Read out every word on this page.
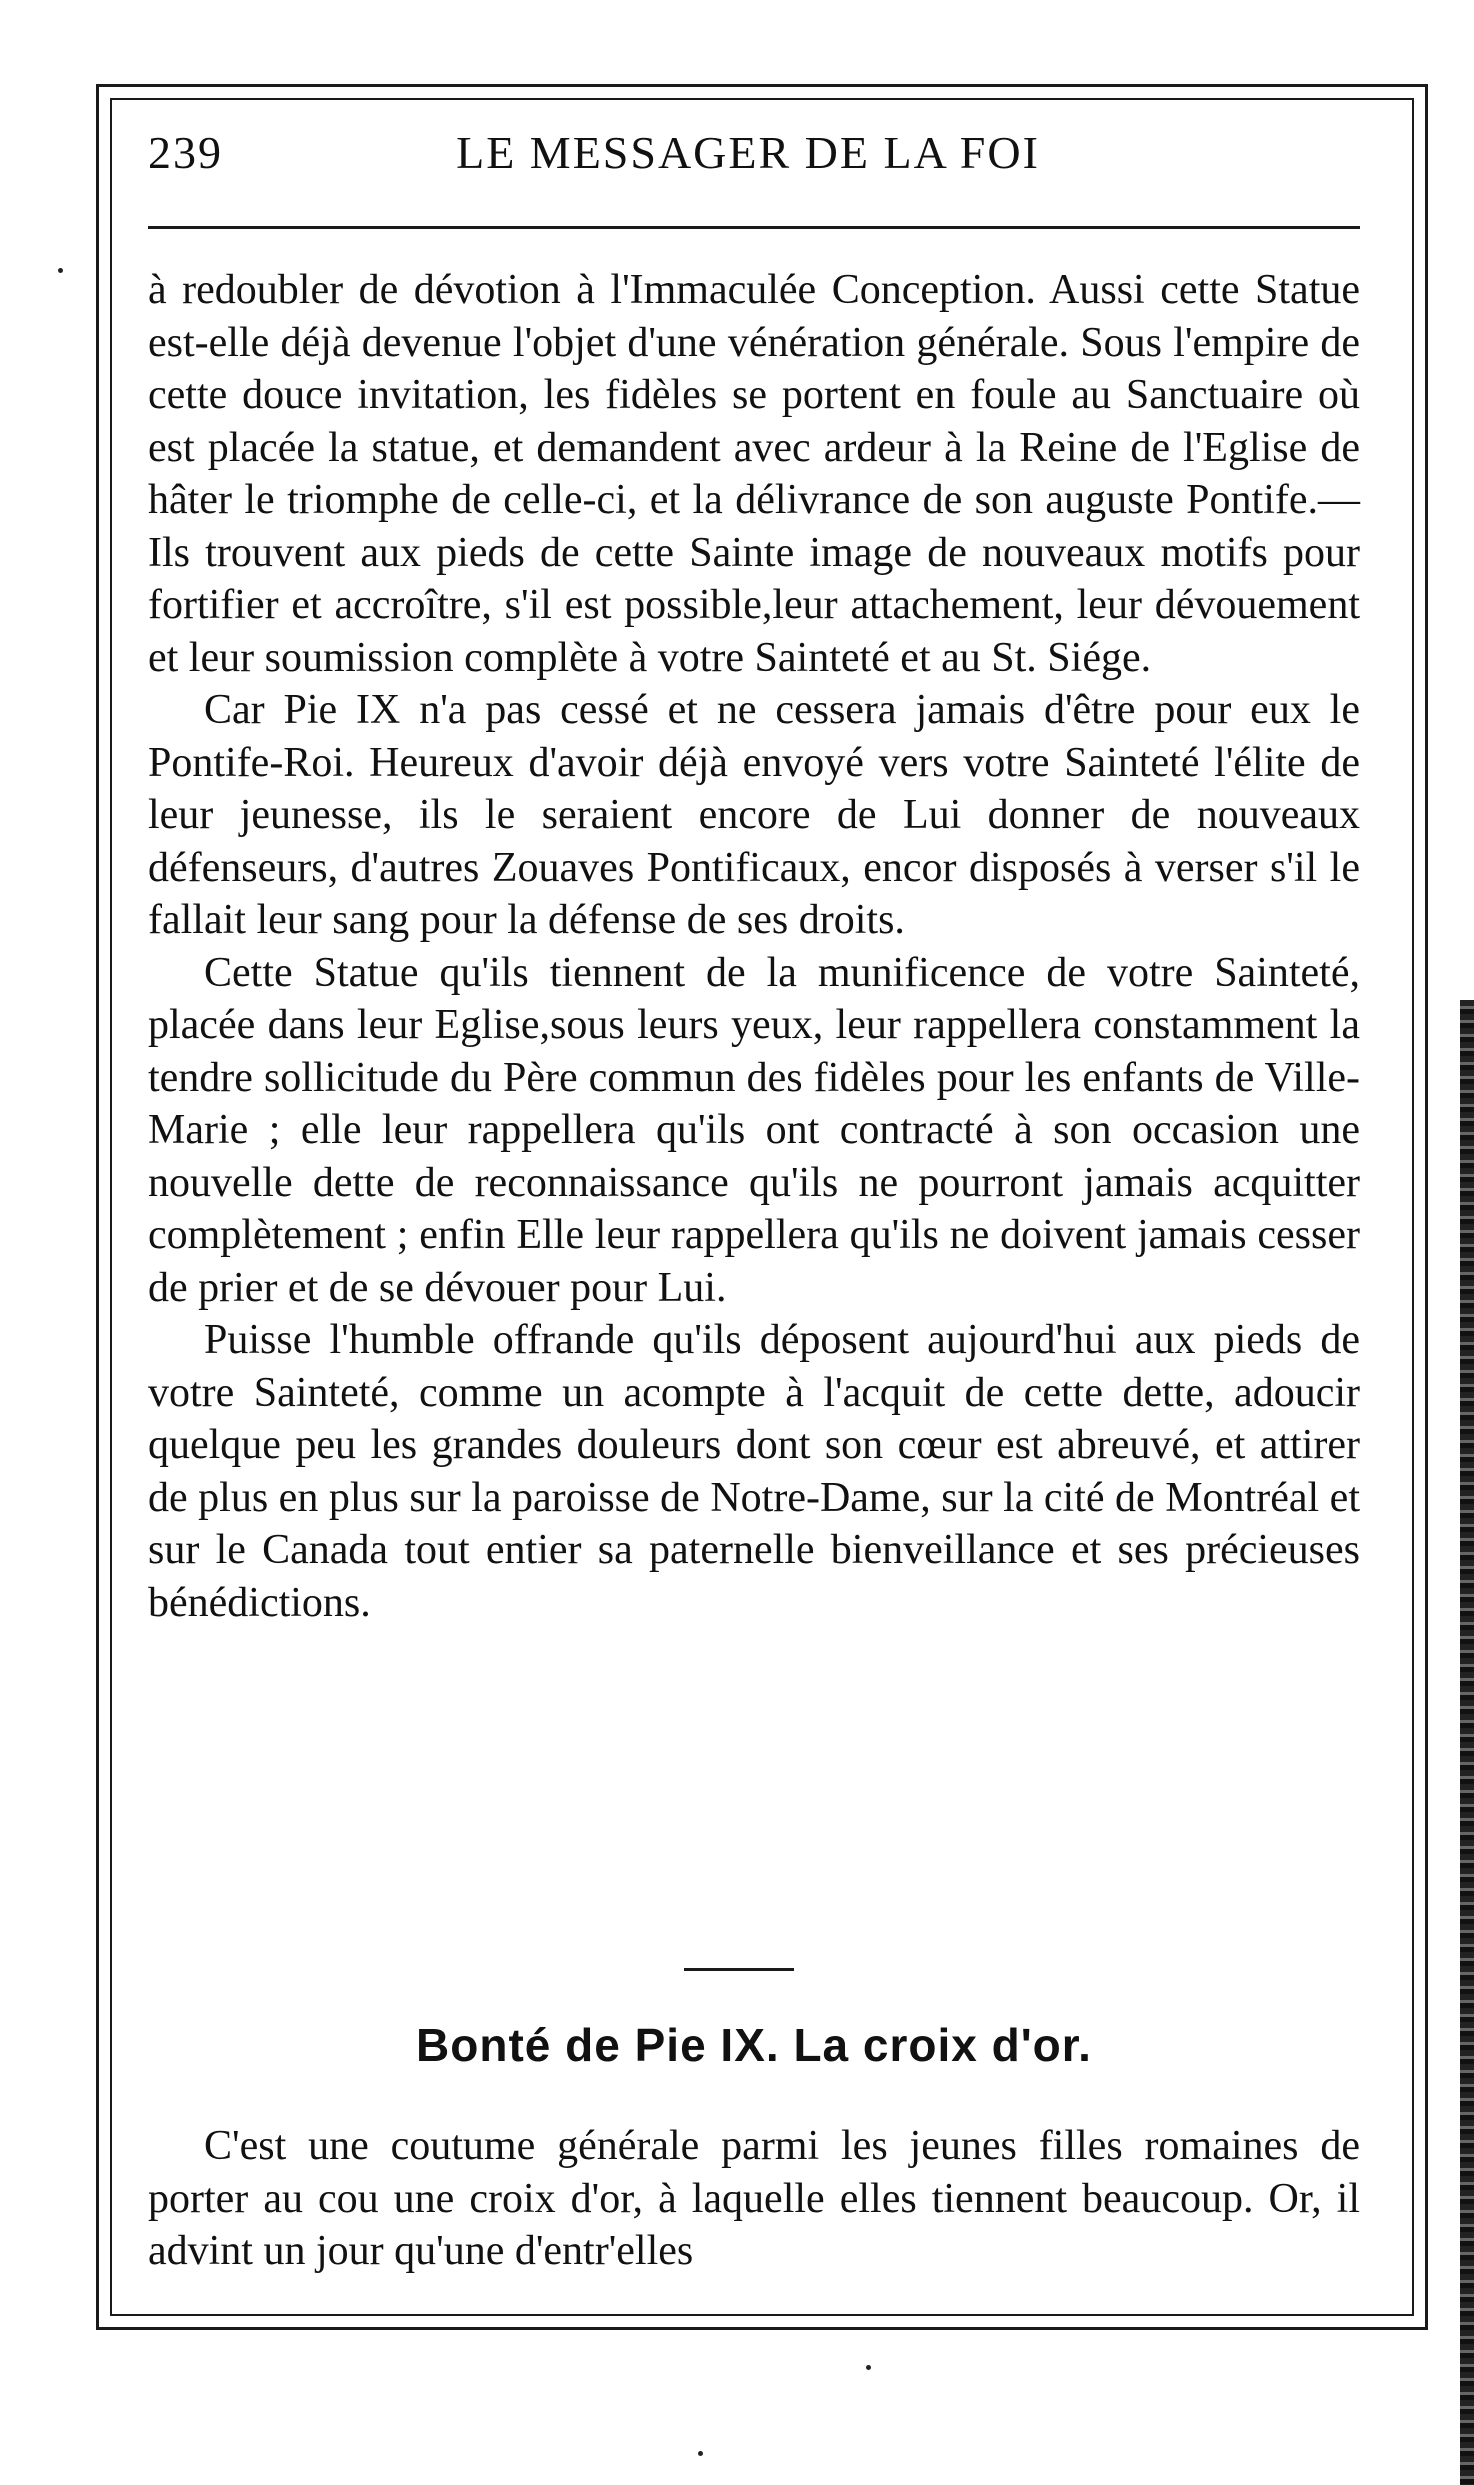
239	LE MESSAGER DE LA FOI

à redoubler de dévotion à l'Immaculée Conception. Aussi cette Statue est-elle déjà devenue l'objet d'une vénération générale. Sous l'empire de cette douce invitation, les fidèles se portent en foule au Sanctuaire où est placée la statue, et demandent avec ardeur à la Reine de l'Eglise de hâter le triomphe de celle-ci, et la délivrance de son auguste Pontife.—Ils trouvent aux pieds de cette Sainte image de nouveaux motifs pour fortifier et accroître, s'il est possible,leur attachement, leur dévouement et leur soumission complète à votre Sainteté et au St. Siége.

Car Pie IX n'a pas cessé et ne cessera jamais d'être pour eux le Pontife-Roi. Heureux d'avoir déjà envoyé vers votre Sainteté l'élite de leur jeunesse, ils le seraient encore de Lui donner de nouveaux défenseurs, d'autres Zouaves Pontificaux, encor disposés à verser s'il le fallait leur sang pour la défense de ses droits.

Cette Statue qu'ils tiennent de la munificence de votre Sainteté, placée dans leur Eglise,sous leurs yeux, leur rappellera constamment la tendre sollicitude du Père commun des fidèles pour les enfants de Ville-Marie ; elle leur rappellera qu'ils ont contracté à son occasion une nouvelle dette de reconnaissance qu'ils ne pourront jamais acquitter complètement ; enfin Elle leur rappellera qu'ils ne doivent jamais cesser de prier et de se dévouer pour Lui.

Puisse l'humble offrande qu'ils déposent aujourd'hui aux pieds de votre Sainteté, comme un acompte à l'acquit de cette dette, adoucir quelque peu les grandes douleurs dont son cœur est abreuvé, et attirer de plus en plus sur la paroisse de Notre-Dame, sur la cité de Montréal et sur le Canada tout entier sa paternelle bienveillance et ses précieuses bénédictions.

Bonté de Pie IX. La croix d'or.

C'est une coutume générale parmi les jeunes filles romaines de porter au cou une croix d'or, à laquelle elles tiennent beaucoup. Or, il advint un jour qu'une d'entr'elles
